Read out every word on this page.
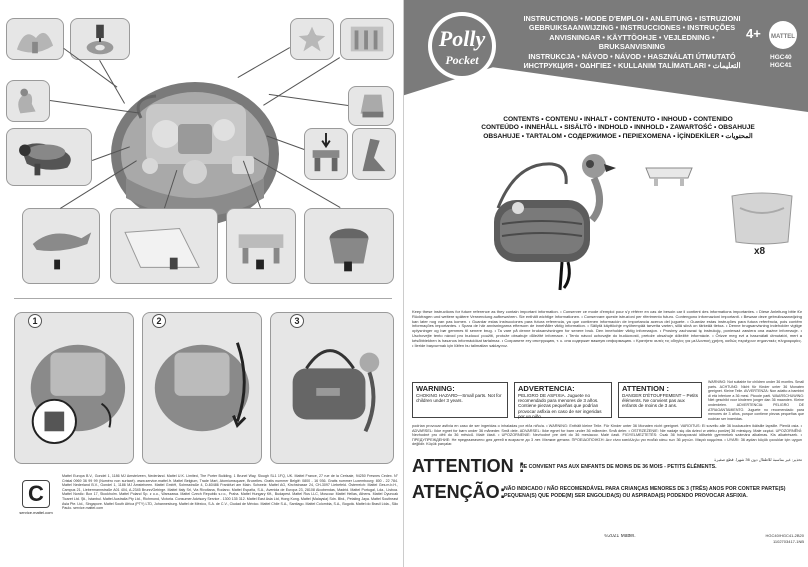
1	2	3
C
service.mattel.com
Mattel Europa B.V., Gondel 1, 1186 MJ Amstelveen, Nederland. Mattel U.K. Limited, The Porter Building, 1 Brunel Way, Slough SL1 1FQ, UK. Mattel France, 27 rue de la Cerisaie, 94250 Fresnes Cedex. N° Cristal 0969 36 99 99 (Numéro non surtaxé). www.service.mattel.fr. Mattel Belgium, Trade Mart, Atomiumsquare, Bruxelles. Gratis nummer België: 0800 - 16 936. Gratis nummer Luxembourg: 800 - 22 784. Mattel Nederland B.V., Gondel 1, 1186 MJ Amstelveen. Mattel GmbH, Solmsstraße 4, D-60486 Frankfurt am Main. Schweiz: Mattel AG, Kirchstrasse 24, CH-3097 Liebefeld. Österreich: Mattel Ges.m.b.H., Campus 21, Liebermannstraße A01 404, A-2345 Brunn/Gebirge. Mattel Italy Srl, Via Rivoltana, Rodano. Mattel España, S.A., Avenida de Europa 23, 28108 Alcobendas, Madrid. Mattel Portugal, Lda., Lisboa. Mattel Nordic: Box 17, Stockholm. Mattel Poland Sp. z o.o., Warszawa. Mattel Czech Republic s.r.o., Praha. Mattel Hungary Kft., Budapest. Mattel Rus LLC, Moscow. Mattel Hellas, Athens. Mattel Oyuncak Ticaret Ltd. Şti., İstanbul. Mattel Australia Pty Ltd., Richmond, Victoria. Consumer Advisory Service - 1300 135 312. Mattel East Asia Ltd, Hong Kong. Mattel (Malaysia) Sdn. Bhd., Petaling Jaya. Mattel Southeast Asia Pte. Ltd., Singapore. Mattel South Africa (PTY) LTD, Johannesburg. Mattel de México, S.A. de C.V., Ciudad de México. Mattel Chile S.A., Santiago. Mattel Colombia, S.A., Bogotá. Mattel do Brasil Ltda., São Paulo. service.mattel.com
Polly
Pocket
INSTRUCTIONS • MODE D'EMPLOI • ANLEITUNG • ISTRUZIONI
GEBRUIKSAANWIJZING • INSTRUCCIONES • INSTRUÇÕES
ANVISNINGAR • KÄYTTÖOHJE • VEJLEDNING • BRUKSANVISNING
INSTRUKCJA • NÁVOD • NÁVOD • HASZNÁLATI ÚTMUTATÓ
ИНСТРУКЦИЯ • ΟΔΗΓΙΕΣ • KULLANIM TALİMATLARI • التعليمات
4+ MATTEL
HGC40
HGC41
CONTENTS • CONTENU • INHALT • CONTENUTO • INHOUD • CONTENIDO
CONTEÚDO • INNEHÅLL • SISÄLTÖ • INDHOLD • INNHOLD • ZAWARTOŚĆ • OBSAHUJE
OBSAHUJE • TARTALOM • СОДЕРЖИМОЕ • ΠΕΡΙΕΧΟΜΕΝΑ • İÇİNDEKİLER • المحتويات
x8
Keep these instructions for future reference as they contain important information. • Conserver ce mode d'emploi pour s'y référer en cas de besoin car il contient des informations importantes. • Diese Anleitung bitte für Rückfragen und weitere spätere Verwendung aufbewahren. Sie enthält wichtige Informationen. • Conservare queste istruzioni per riferimento futuro. Contengono informazioni importanti. • Bewaar deze gebruiksaanwijzing kan later nog van pas komen. • Guardar estas instrucciones para futura referencia, ya que contienen información de importancia acerca del juguete. • Guardar estas instruções para futura referência, pois contêm informações importantes. • Spara de här anvisningarna eftersom de innehåller viktig information. • Säilytä käyttöohje myöhempää tarvetta varten, sillä siinä on tärkeää tietoa. • Denne brugsanvisning indeholder vigtige oplysninger og bør gemmes til senere brug. • Ta vare på denne bruksanvisningen for senere bruk. Den inneholder viktig informasjon. • Prosimy zachować tę instrukcję, ponieważ zawiera ona ważne informacje. • Uschovejte tento návod pro budoucí použití, protože obsahuje důležité informace. • Tento návod uchovajte do budúcnosti, pretože obsahuje dôležité informácie. • Őrizze meg ezt a használati útmutatót, mert a későbbiekben is hasznos információkat tartalmaz. • Сохраните эту инструкцию, т. к. она содержит важную информацию. • Κρατήστε αυτές τις οδηγίες για μελλοντική χρήση, καθώς περιέχουν σημαντικές πληροφορίες. • İleride başvurmak için lütfen bu talimatları saklayınız.
WARNING:
CHOKING HAZARD—Small parts. Not for children under 3 years.
ADVERTENCIA:
PELIGRO DE ASFIXIA. Juguete no recomendado para menores de 3 años. Contiene piezas pequeñas que podrían provocar asfixia en caso de ser ingeridas por un niño.
ATTENTION :
DANGER D'ÉTOUFFEMENT – Petits éléments. Ne convient pas aux enfants de moins de 3 ans.
WARNING: Not suitable for children under 36 months. Small parts. ACHTUNG: Nicht für Kinder unter 36 Monaten geeignet. Kleine Teile. AVVERTENZA: Non adatto a bambini di età inferiore a 36 mesi. Piccole parti. WAARSCHUWING: Niet geschikt voor kinderen jonger dan 36 maanden. Kleine onderdelen. ADVERTENCIA: PELIGRO DE ATRAGANTAMIENTO. Juguete no recomendado para menores de 3 años, porque contiene piezas pequeñas que podrían ser ingeridas.
podrían provocar asfixia en caso de ser ingeridas o inhaladas por el/la niño/a. • WARNING: Enthält kleine Teile. Für Kinder unter 36 Monaten nicht geeignet. VAROITUS: Ei sovellu alle 36 kuukauden ikäisille lapsille. Pieniä osia. • ADVARSEL: Ikke egnet for børn under 36 måneder. Små dele. ADVARSEL: Ikke egnet for barn under 36 måneder. Små deler. • OSTRZEŻENIE: Nie nadaje się dla dzieci w wieku poniżej 36 miesięcy. Małe części. UPOZORNĚNÍ: Nevhodné pro děti do 36 měsíců. Malé části. • UPOZORNENIE: Nevhodné pre deti do 36 mesiacov. Malé časti. FIGYELMEZTETÉS: Csak 36 hónaposnál idősebb gyermekek számára alkalmas. Kis alkatrészek. • ПРЕДУПРЕЖДЕНИЕ: Не предназначено для детей в возрасте до 3 лет. Мелкие детали. ΠΡΟΕΙΔΟΠΟΙΗΣΗ: Δεν είναι κατάλληλο για παιδιά κάτω των 36 μηνών. Μικρά κομμάτια. • UYARI: 36 aydan küçük çocuklar için uygun değildir. Küçük parçalar.
ATTENTION :
NE CONVIENT PAS AUX ENFANTS DE MOINS DE 36 MOIS - PETITS ÉLÉMENTS.
ATENÇÃO:
NÃO INDICADO / NÃO RECOMENDÁVEL PARA CRIANÇAS MENORES DE 3 (TRÊS) ANOS POR CONTER PARTE(S) PEQUENA(S) QUE PODE(M) SER ENGOLIDA(S) OU ASPIRADA(S) PODENDO PROVOCAR ASFIXIA.
تحذير: غير مناسبة للأطفال دون 36 شهراً. قطع صغيرة
©2021 Mattel.	HGC40/HGC41-2B20
1102703417-1NB
